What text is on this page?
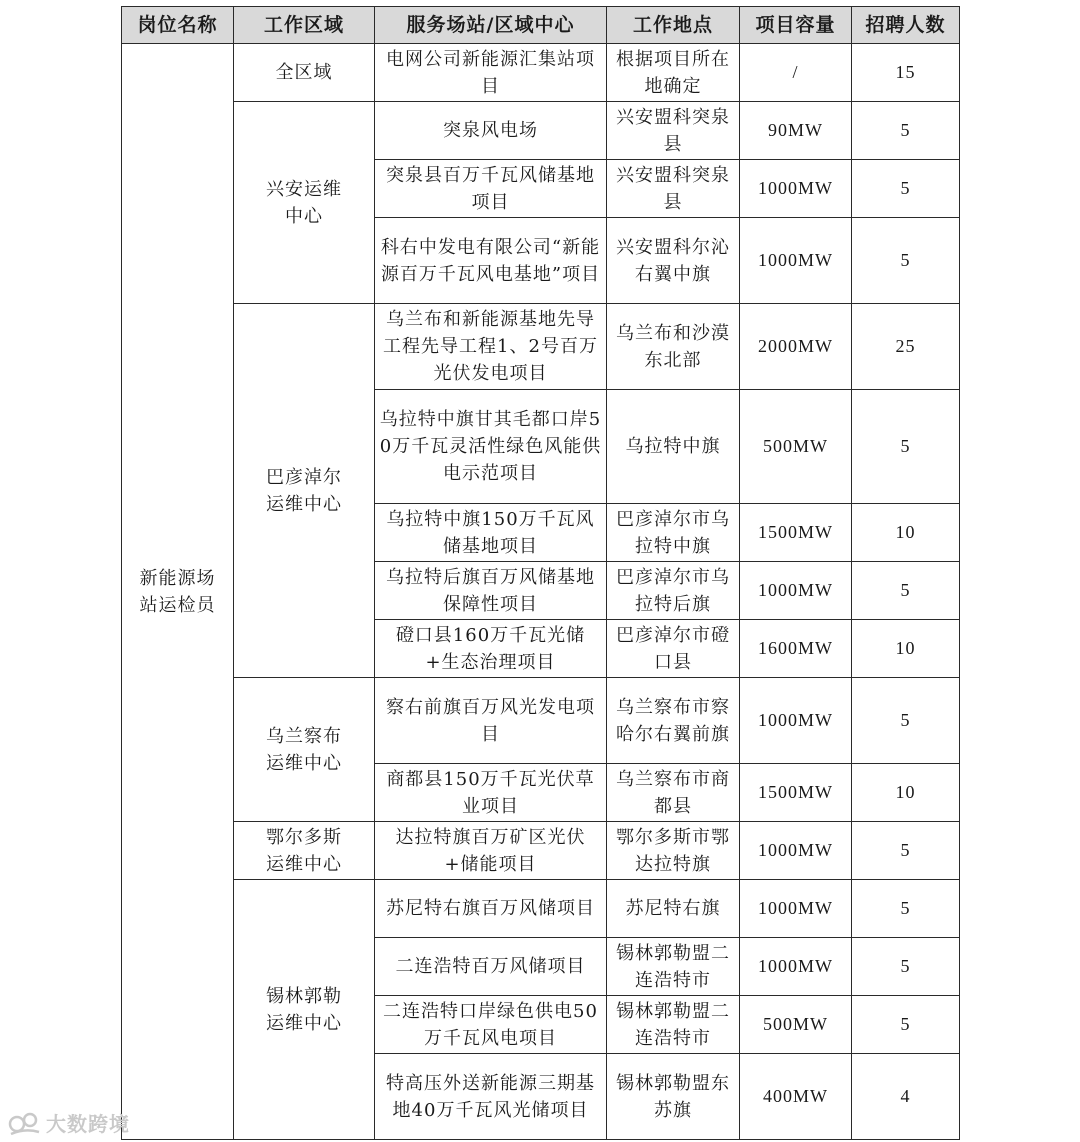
岗位名称	工作区域	服务场站/区域中心	工作地点	项目容量	招聘人数
新能源场站运检员	全区域	电网公司新能源汇集站项目	根据项目所在地确定	/	15
	兴安运维中心	突泉风电场	兴安盟科突泉县	90MW	5
		突泉县百万千瓦风储基地项目	兴安盟科突泉县	1000MW	5
		科右中发电有限公司“新能源百万千瓦风电基地”项目	兴安盟科尔沁右翼中旗	1000MW	5
	巴彦淖尔运维中心	乌兰布和新能源基地先导工程先导工程1、2号百万光伏发电项目	乌兰布和沙漠东北部	2000MW	25
		乌拉特中旗甘其毛都口岸50万千瓦灵活性绿色风能供电示范项目	乌拉特中旗	500MW	5
		乌拉特中旗150万千瓦风储基地项目	巴彦淖尔市乌拉特中旗	1500MW	10
		乌拉特后旗百万风储基地保障性项目	巴彦淖尔市乌拉特后旗	1000MW	5
		磴口县160万千瓦光储+生态治理项目	巴彦淖尔市磴口县	1600MW	10
	乌兰察布运维中心	察右前旗百万风光发电项目	乌兰察布市察哈尔右翼前旗	1000MW	5
		商都县150万千瓦光伏草业项目	乌兰察布市商都县	1500MW	10
	鄂尔多斯运维中心	达拉特旗百万矿区光伏+储能项目	鄂尔多斯市鄂达拉特旗	1000MW	5
	锡林郭勒运维中心	苏尼特右旗百万风储项目	苏尼特右旗	1000MW	5
		二连浩特百万风储项目	锡林郭勒盟二连浩特市	1000MW	5
		二连浩特口岸绿色供电50万千瓦风电项目	锡林郭勒盟二连浩特市	500MW	5
		特高压外送新能源三期基地40万千瓦风光储项目	锡林郭勒盟东苏旗	400MW	4
大数跨境
